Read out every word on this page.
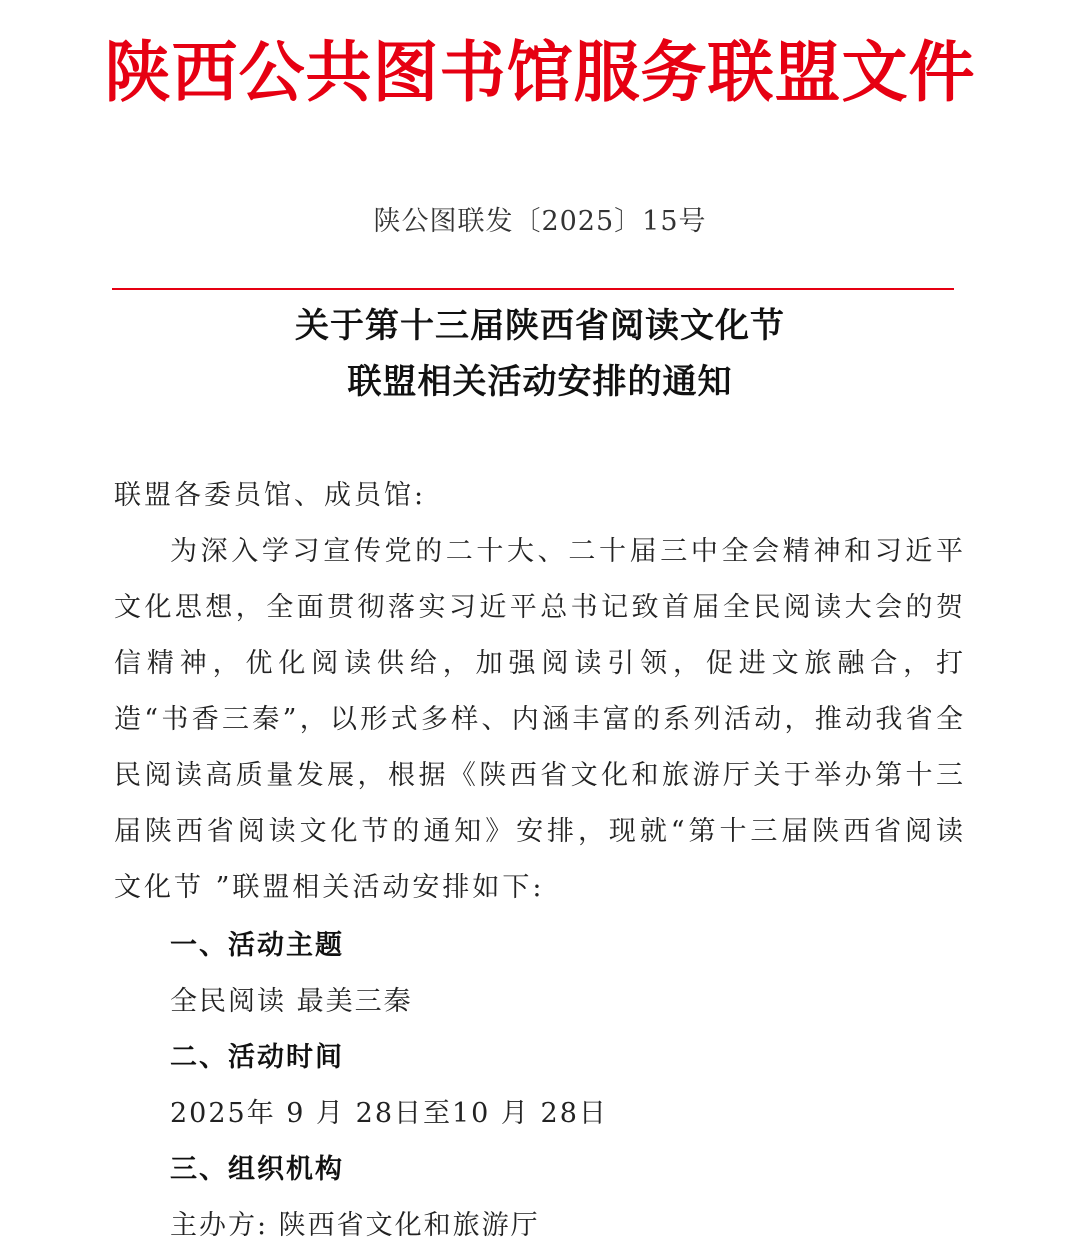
陕西公共图书馆服务联盟文件
陕公图联发〔2025〕15号
关于第十三届陕西省阅读文化节
联盟相关活动安排的通知
联盟各委员馆、成员馆:
为深入学习宣传党的二十大、二十届三中全会精神和习近平文化思想，全面贯彻落实习近平总书记致首届全民阅读大会的贺信精神，优化阅读供给，加强阅读引领，促进文旅融合，打造“书香三秦”，以形式多样、内涵丰富的系列活动，推动我省全民阅读高质量发展，根据《陕西省文化和旅游厅关于举办第十三届陕西省阅读文化节的通知》安排，现就“第十三届陕西省阅读文化节 ”联盟相关活动安排如下:
一、活动主题
全民阅读 最美三秦
二、活动时间
2025年 9 月 28日至10 月 28日
三、组织机构
主办方: 陕西省文化和旅游厅
